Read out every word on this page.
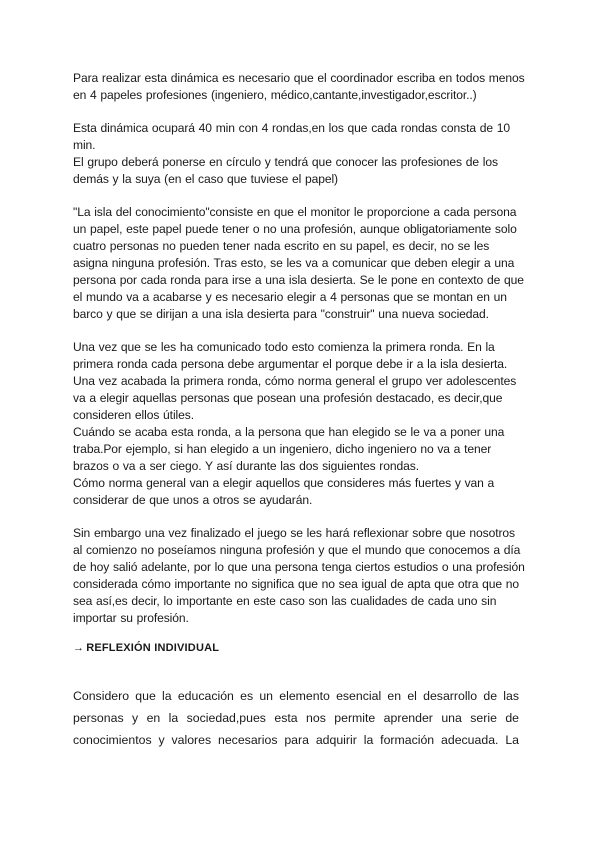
Para realizar esta dinámica es necesario que el coordinador escriba en todos menos
en 4 papeles profesiones (ingeniero, médico,cantante,investigador,escritor..)

Esta dinámica ocupará 40 min con 4 rondas,en los que cada rondas consta de 10
min.
El grupo deberá ponerse en círculo y tendrá que conocer las profesiones de los
demás y la suya (en el caso que tuviese el papel)

"La isla del conocimiento"consiste en que el monitor le proporcione a cada persona
un papel, este papel puede tener o no una profesión, aunque obligatoriamente solo
cuatro personas no pueden tener nada escrito en su papel, es decir, no se les
asigna ninguna profesión. Tras esto, se les va a comunicar que deben elegir a una
persona por cada ronda para irse a una isla desierta. Se le pone en contexto de que
el mundo va a acabarse y es necesario elegir a 4 personas que se montan en un
barco y que se dirijan a una isla desierta para "construir" una nueva sociedad.

Una vez que se les ha comunicado todo esto comienza la primera ronda. En la
primera ronda cada persona debe argumentar el porque debe ir a la isla desierta.
Una vez acabada la primera ronda, cómo norma general el grupo ver adolescentes
va a elegir aquellas personas que posean una profesión destacado, es decir,que
consideren ellos útiles.
Cuándo se acaba esta ronda, a la persona que han elegido se le va a poner una
traba.Por ejemplo, si han elegido a un ingeniero, dicho ingeniero no va a tener
brazos o va a ser ciego. Y así durante las dos siguientes rondas.
Cómo norma general van a elegir aquellos que consideres más fuertes y van a
considerar de que unos a otros se ayudarán.

Sin embargo una vez finalizado el juego se les hará reflexionar sobre que nosotros
al comienzo no poseíamos ninguna profesión y que el mundo que conocemos a día
de hoy salió adelante, por lo que una persona tenga ciertos estudios o una profesión
considerada cómo importante no significa que no sea igual de apta que otra que no
sea así,es decir, lo importante en este caso son las cualidades de cada uno sin
importar su profesión.

→ REFLEXIÓN INDIVIDUAL
Considero que la educación es un elemento esencial en el desarrollo de las
personas y en la sociedad,pues esta nos permite aprender una serie de
conocimientos y valores necesarios para adquirir la formación adecuada. La
